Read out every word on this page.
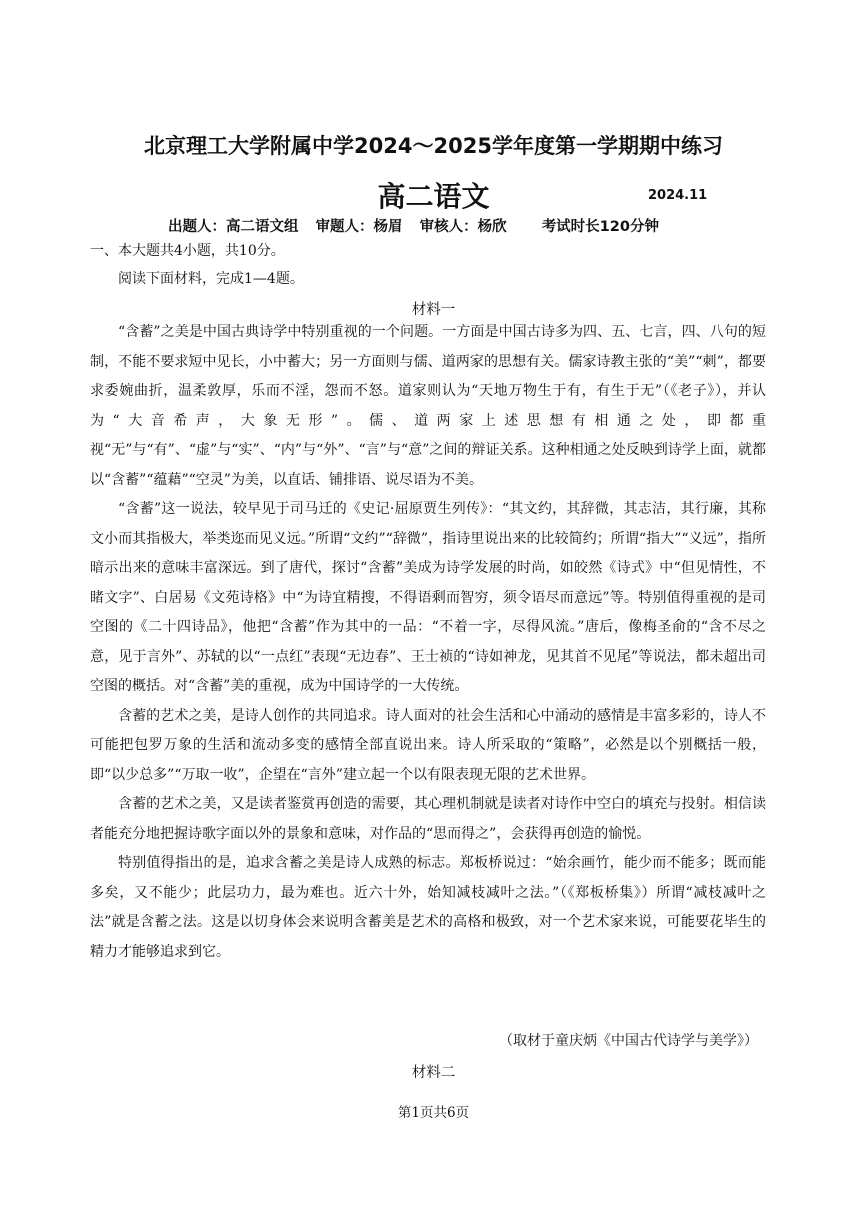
北京理工大学附属中学2024～2025学年度第一学期期中练习
高二语文	2024.11
出题人：高二语文组 审题人：杨眉 审核人：杨欣 考试时长120分钟
一、本大题共4小题，共10分。
阅读下面材料，完成1—4题。
材料一

“含蓄”之美是中国古典诗学中特别重视的一个问题。一方面是中国古诗多为四、五、七言，四、八句的短制，不能不要求短中见长，小中蓄大；另一方面则与儒、道两家的思想有关。儒家诗教主张的“美”“刺”，都要求委婉曲折，温柔敦厚，乐而不淫，怨而不怒。道家则认为“天地万物生于有，有生于无”（《老子》），并认为“大音希声，大象无形”。儒、道两家上述思想有相通之处，即都重视“无”与“有”、“虚”与“实”、“内”与“外”、“言”与“意”之间的辩证关系。这种相通之处反映到诗学上面，就都以“含蓄”“蕴藉”“空灵”为美，以直话、铺排语、说尽语为不美。

“含蓄”这一说法，较早见于司马迁的《史记·屈原贾生列传》：“其文约，其辞微，其志洁，其行廉，其称文小而其指极大，举类迩而见义远。”所谓“文约”“辞微”，指诗里说出来的比较简约；所谓“指大”“义远”，指所暗示出来的意味丰富深远。到了唐代，探讨“含蓄”美成为诗学发展的时尚，如皎然《诗式》中“但见情性，不睹文字”、白居易《文苑诗格》中“为诗宜精搜，不得语剩而智穷，须令语尽而意远”等。特别值得重视的是司空图的《二十四诗品》，他把“含蓄”作为其中的一品：“不着一字，尽得风流。”唐后，像梅圣俞的“含不尽之意，见于言外”、苏轼的以“一点红”表现“无边春”、王士祯的“诗如神龙，见其首不见尾”等说法，都未超出司空图的概括。对“含蓄”美的重视，成为中国诗学的一大传统。

含蓄的艺术之美，是诗人创作的共同追求。诗人面对的社会生活和心中涌动的感情是丰富多彩的，诗人不可能把包罗万象的生活和流动多变的感情全部直说出来。诗人所采取的“策略”，必然是以个别概括一般，即“以少总多”“万取一收”，企望在“言外”建立起一个以有限表现无限的艺术世界。

含蓄的艺术之美，又是读者鉴赏再创造的需要，其心理机制就是读者对诗作中空白的填充与投射。相信读者能充分地把握诗歌字面以外的景象和意味，对作品的“思而得之”，会获得再创造的愉悦。

特别值得指出的是，追求含蓄之美是诗人成熟的标志。郑板桥说过：“始余画竹，能少而不能多；既而能多矣，又不能少；此层功力，最为难也。近六十外，始知减枝减叶之法。”（《郑板桥集》）所谓“减枝减叶之法”就是含蓄之法。这是以切身体会来说明含蓄美是艺术的高格和极致，对一个艺术家来说，可能要花毕生的精力才能够追求到它。

（取材于童庆炳《中国古代诗学与美学》）
材料二
第1页共6页
